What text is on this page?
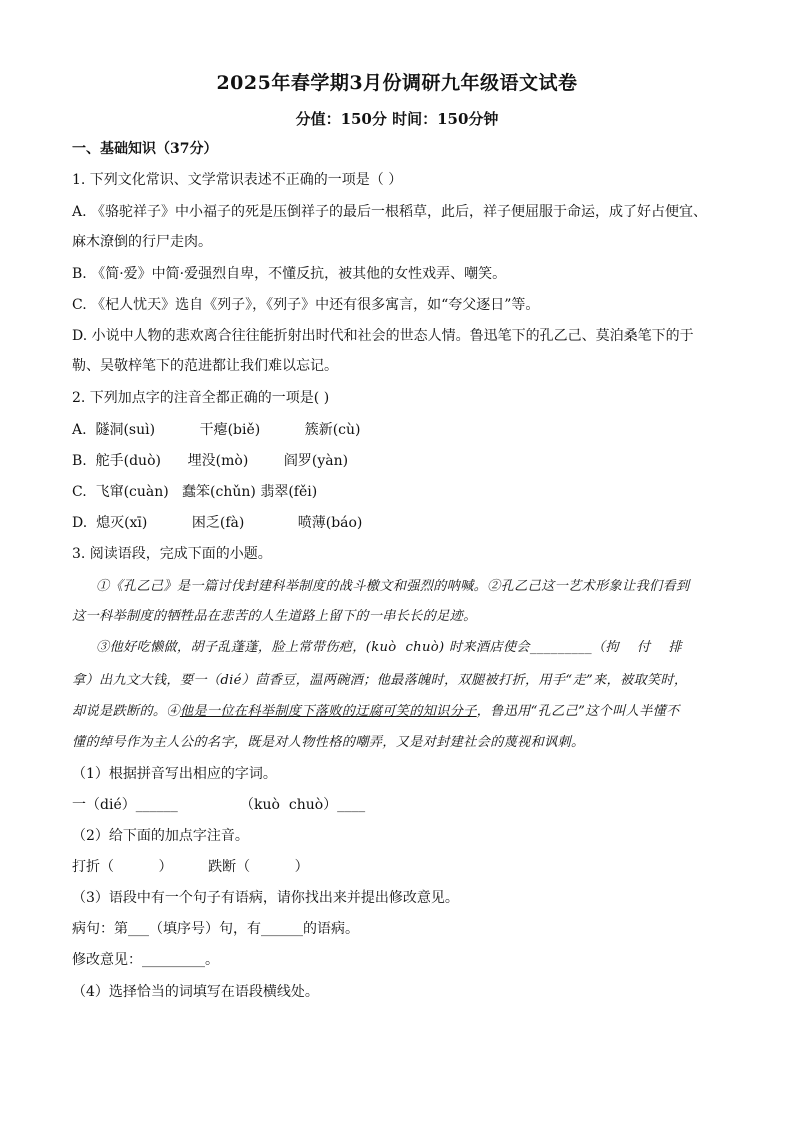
2025年春学期3月份调研九年级语文试卷
分值：150分 时间：150分钟
一、基础知识（37分）
1. 下列文化常识、文学常识表述不正确的一项是（ ）
A. 《骆驼祥子》中小福子的死是压倒祥子的最后一根稻草，此后，祥子便屈服于命运，成了好占便宜、
麻木潦倒的行尸走肉。
B. 《简·爱》中简·爱强烈自卑，不懂反抗，被其他的女性戏弄、嘲笑。
C. 《杞人忧天》选自《列子》，《列子》中还有很多寓言，如“夸父逐日”等。
D. 小说中人物的悲欢离合往往能折射出时代和社会的世态人情。鲁迅笔下的孔乙己、莫泊桑笔下的于
勒、吴敬梓笔下的范进都让我们难以忘记。
2. 下列加点字的注音全都正确的一项是( )
A.  隧洞(suì)          干瘪(biě)          簇新(cù)
B.  舵手(duò)      埋没(mò)        阎罗(yàn)
C.  飞窜(cuàn)   蠢笨(chǔn) 翡翠(fěi)
D.  熄灭(xī)          困乏(fà)            喷薄(báo)
3. 阅读语段，完成下面的小题。
①《孔乙己》是一篇讨伐封建科举制度的战斗檄文和强烈的呐喊。②孔乙己这一艺术形象让我们看到
这一科举制度的牺牲品在悲苦的人生道路上留下的一串长长的足迹。
③他好吃懒做，胡子乱蓬蓬，脸上常带伤疤，(kuò  chuò) 时来酒店使会_________（拘    付    排
拿）出九文大钱，要一（dié）茴香豆，温两碗酒；他最落魄时，双腿被打折，用手“走”来，被取笑时，
却说是跌断的。④他是一位在科举制度下落败的迂腐可笑的知识分子，鲁迅用“孔乙己”这个叫人半懂不
懂的绰号作为主人公的名字，既是对人物性格的嘲弄，又是对封建社会的蔑视和讽刺。
（1）根据拼音写出相应的字词。
一（dié）______              （kuò  chuò）____
（2）给下面的加点字注音。
打折（          ）        跌断（          ）
（3）语段中有一个句子有语病，请你找出来并提出修改意见。
病句：第___（填序号）句，有______的语病。
修改意见：_________。
（4）选择恰当的词填写在语段横线处。
